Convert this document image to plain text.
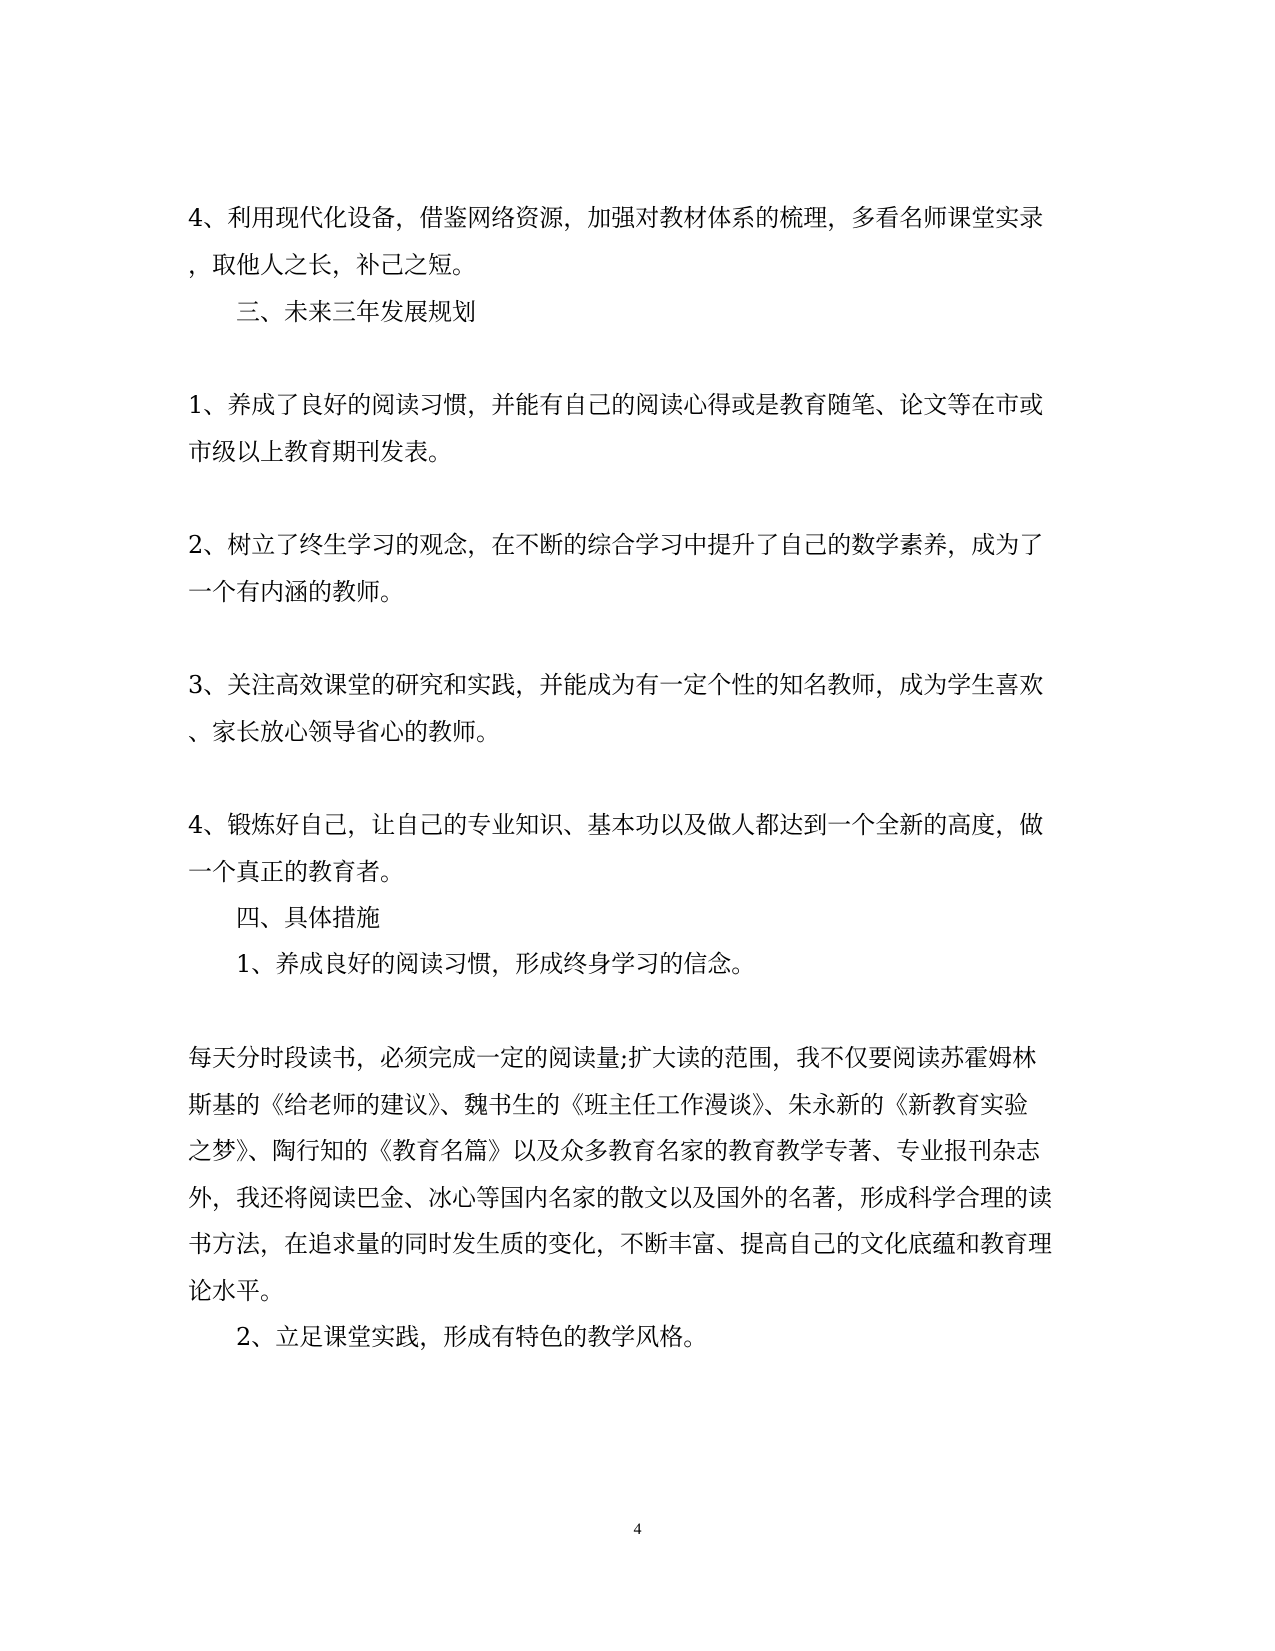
4、利用现代化设备，借鉴网络资源，加强对教材体系的梳理，多看名师课堂实录
，取他人之长，补己之短。
三、未来三年发展规划
1、养成了良好的阅读习惯，并能有自己的阅读心得或是教育随笔、论文等在市或
市级以上教育期刊发表。
2、树立了终生学习的观念，在不断的综合学习中提升了自己的数学素养，成为了
一个有内涵的教师。
3、关注高效课堂的研究和实践，并能成为有一定个性的知名教师，成为学生喜欢
、家长放心领导省心的教师。
4、锻炼好自己，让自己的专业知识、基本功以及做人都达到一个全新的高度，做
一个真正的教育者。
四、具体措施
1、养成良好的阅读习惯，形成终身学习的信念。
每天分时段读书，必须完成一定的阅读量;扩大读的范围，我不仅要阅读苏霍姆林
斯基的《给老师的建议》、魏书生的《班主任工作漫谈》、朱永新的《新教育实验
之梦》、陶行知的《教育名篇》以及众多教育名家的教育教学专著、专业报刊杂志
外，我还将阅读巴金、冰心等国内名家的散文以及国外的名著，形成科学合理的读
书方法，在追求量的同时发生质的变化，不断丰富、提高自己的文化底蕴和教育理
论水平。
2、立足课堂实践，形成有特色的教学风格。
4
